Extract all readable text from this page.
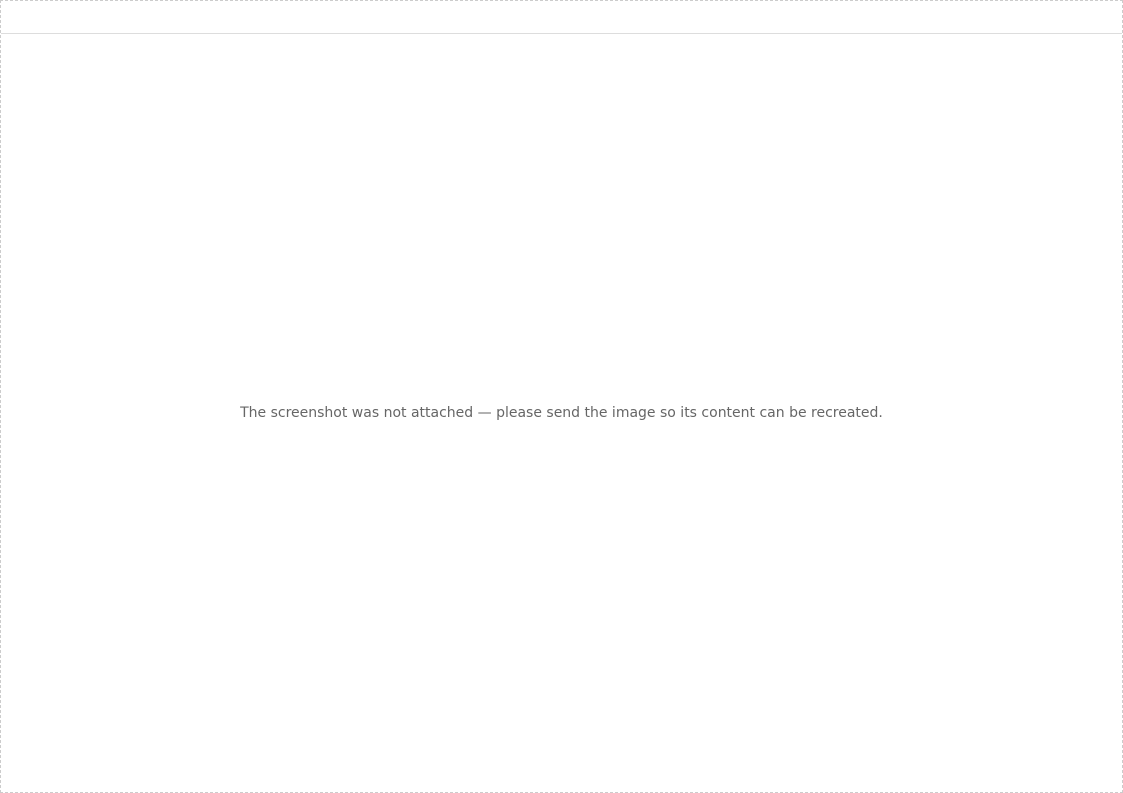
The screenshot was not attached — please send the image so its content can be recreated.
